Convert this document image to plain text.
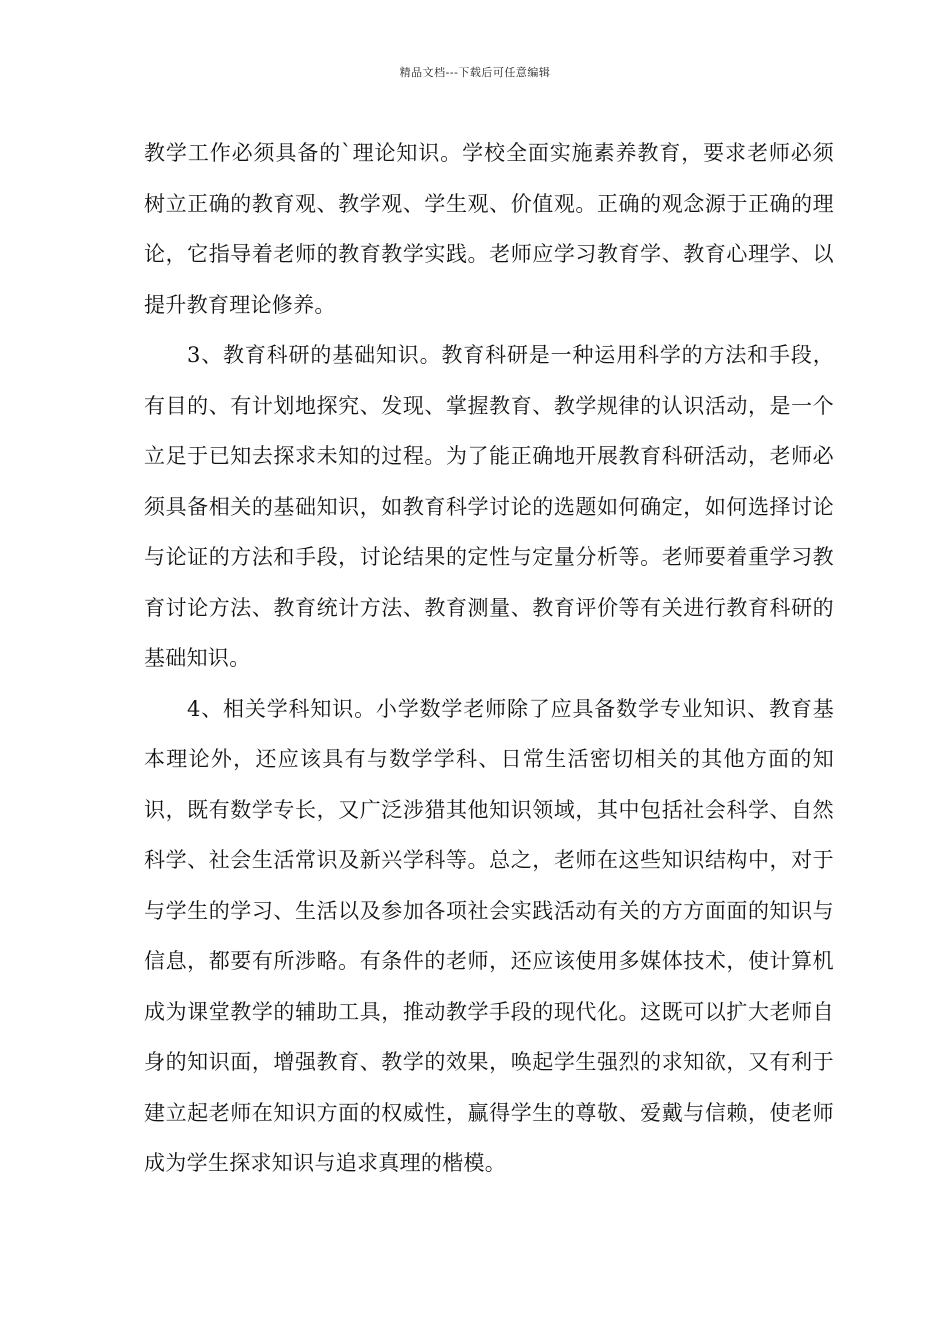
精品文档---下载后可任意编辑

教学工作必须具备的`理论知识。学校全面实施素养教育，要求老师必须树立正确的教育观、教学观、学生观、价值观。正确的观念源于正确的理论，它指导着老师的教育教学实践。老师应学习教育学、教育心理学、以提升教育理论修养。

3、教育科研的基础知识。教育科研是一种运用科学的方法和手段，有目的、有计划地探究、发现、掌握教育、教学规律的认识活动，是一个立足于已知去探求未知的过程。为了能正确地开展教育科研活动，老师必须具备相关的基础知识，如教育科学讨论的选题如何确定，如何选择讨论与论证的方法和手段，讨论结果的定性与定量分析等。老师要着重学习教育讨论方法、教育统计方法、教育测量、教育评价等有关进行教育科研的基础知识。

4、相关学科知识。小学数学老师除了应具备数学专业知识、教育基本理论外，还应该具有与数学学科、日常生活密切相关的其他方面的知识，既有数学专长，又广泛涉猎其他知识领域，其中包括社会科学、自然科学、社会生活常识及新兴学科等。总之，老师在这些知识结构中，对于与学生的学习、生活以及参加各项社会实践活动有关的方方面面的知识与信息，都要有所涉略。有条件的老师，还应该使用多媒体技术，使计算机成为课堂教学的辅助工具，推动教学手段的现代化。这既可以扩大老师自身的知识面，增强教育、教学的效果，唤起学生强烈的求知欲，又有利于建立起老师在知识方面的权威性，赢得学生的尊敬、爱戴与信赖，使老师成为学生探求知识与追求真理的楷模。
